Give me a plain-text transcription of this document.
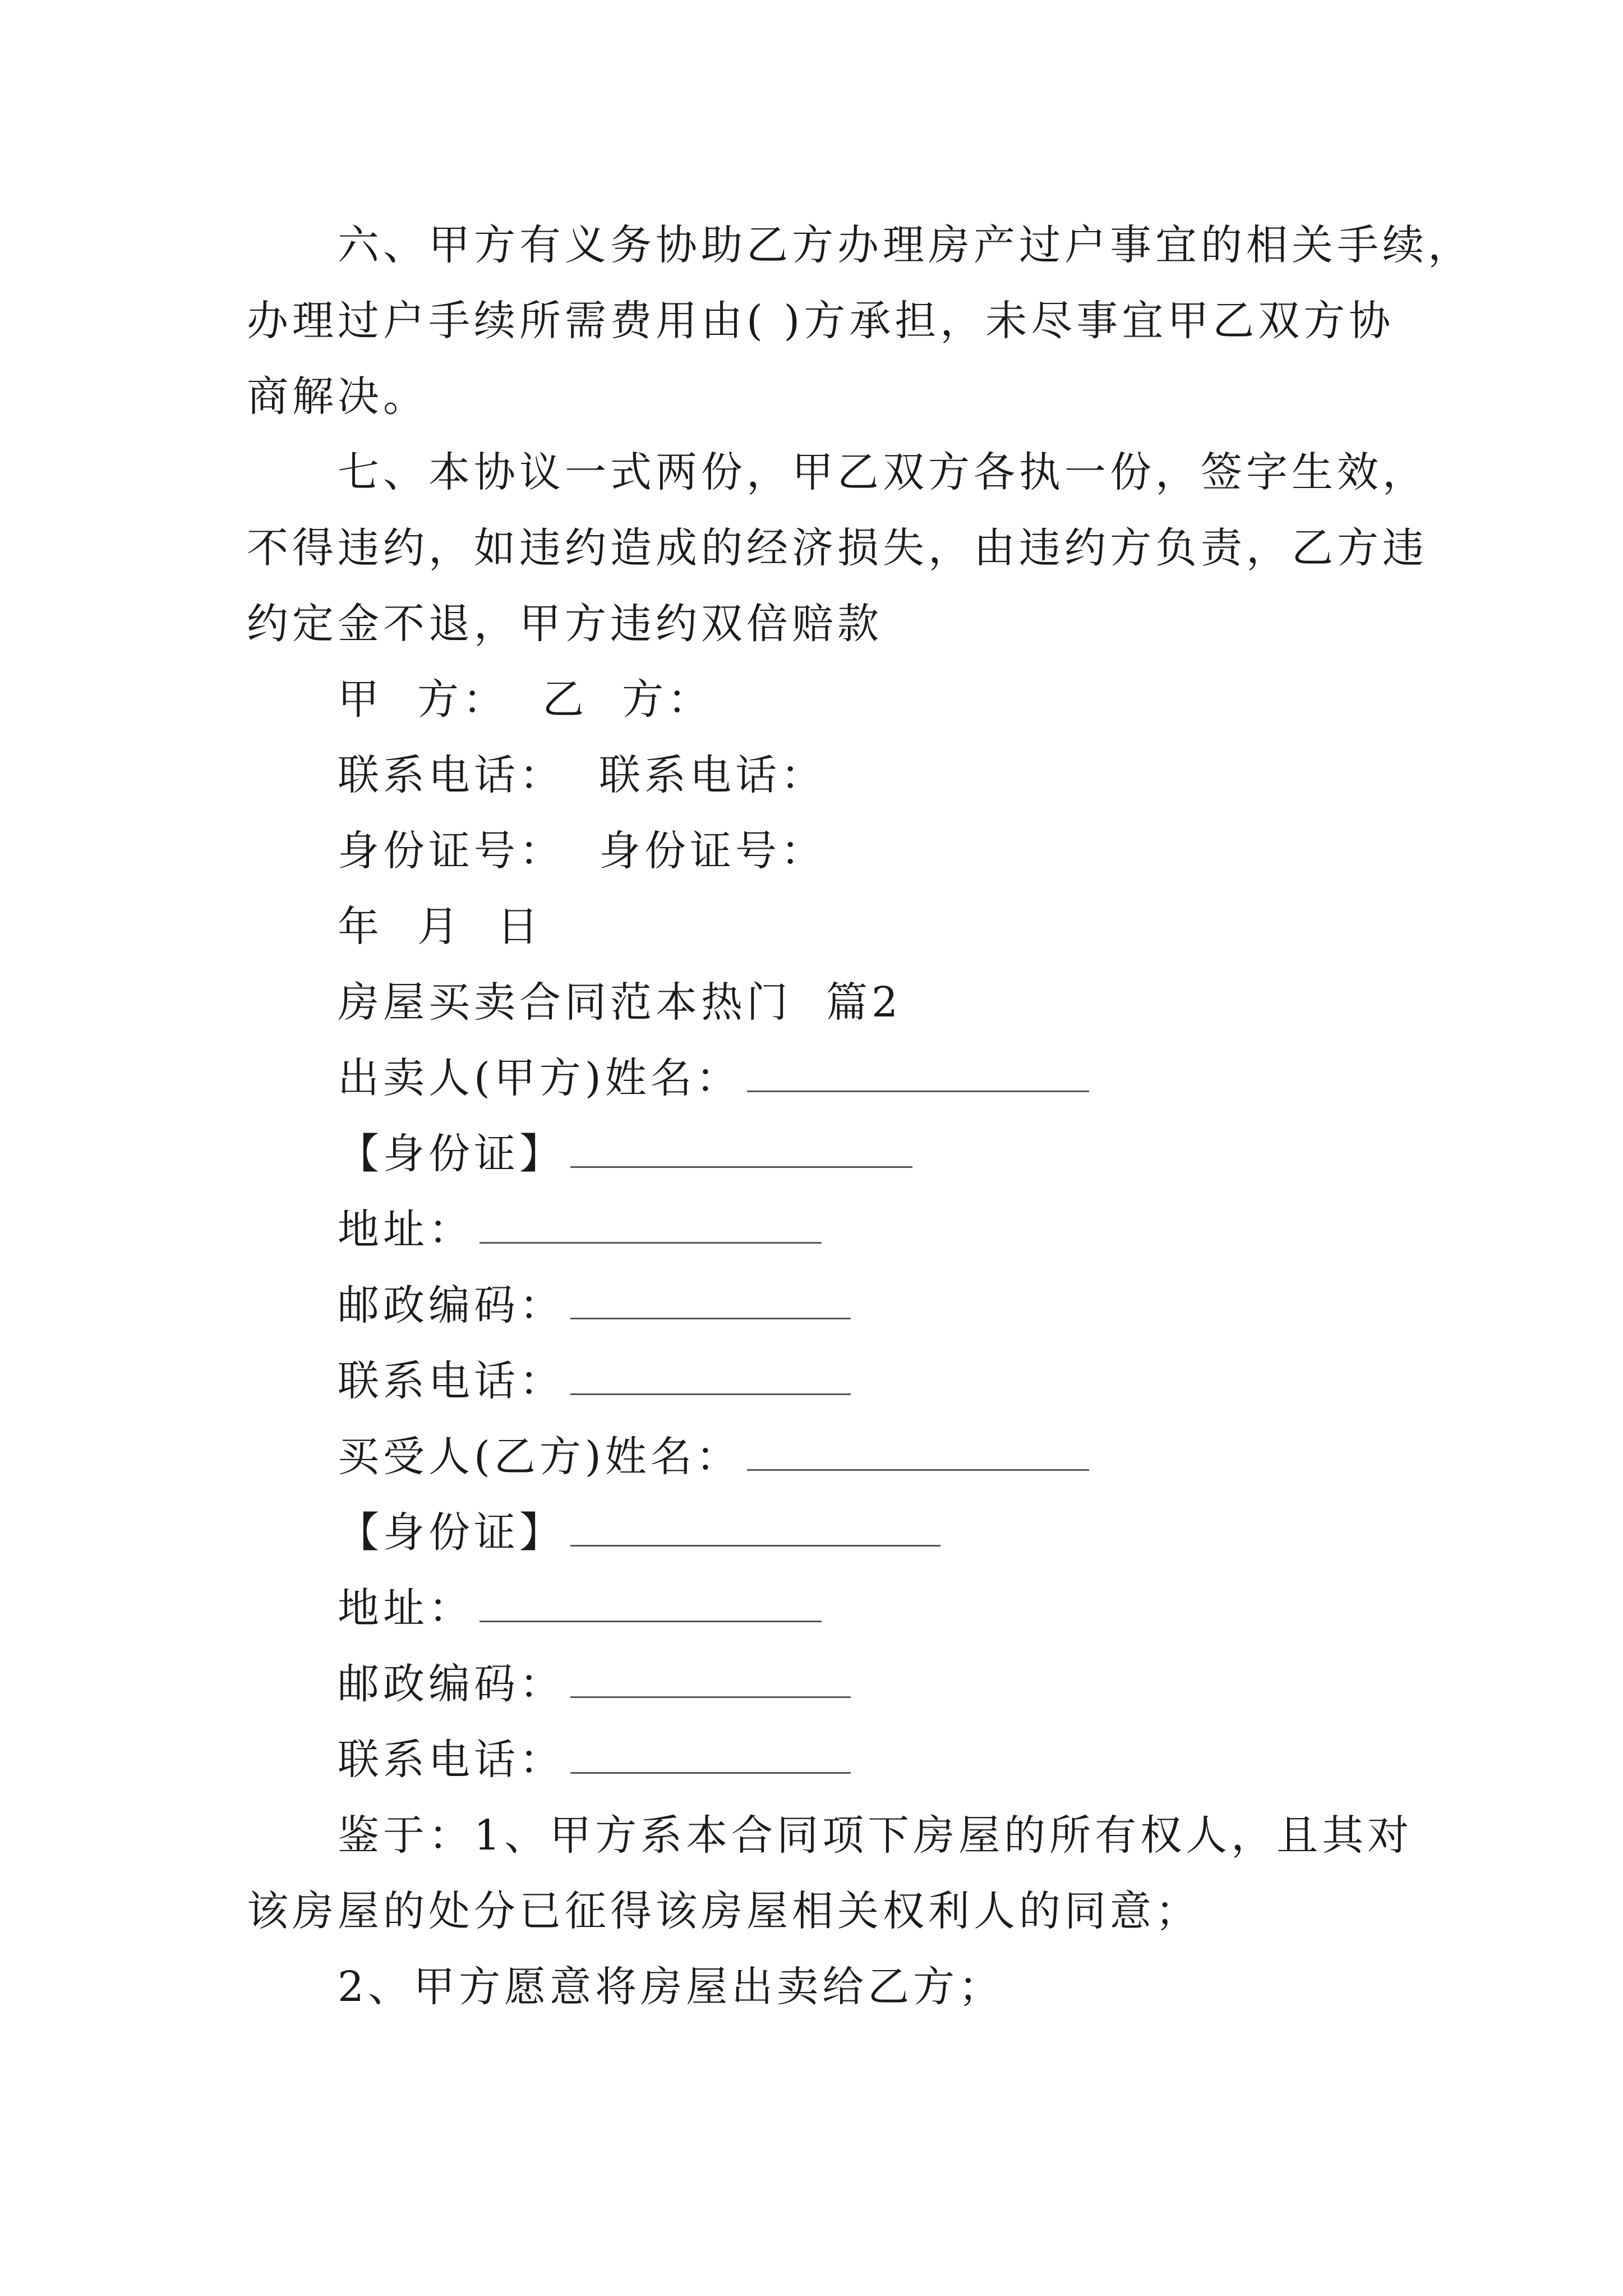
六、甲方有义务协助乙方办理房产过户事宜的相关手续，
办理过户手续所需费用由( )方承担，未尽事宜甲乙双方协
商解决。
七、本协议一式两份，甲乙双方各执一份，签字生效，
不得违约，如违约造成的经济损失，由违约方负责，乙方违
约定金不退，甲方违约双倍赔款
甲  方：  乙  方：
联系电话：  联系电话：
身份证号：  身份证号：
年  月  日
房屋买卖合同范本热门  篇2
出卖人(甲方)姓名：
【身份证】
地址：
邮政编码：
联系电话：
买受人(乙方)姓名：
【身份证】
地址：
邮政编码：
联系电话：
鉴于：1、甲方系本合同项下房屋的所有权人，且其对
该房屋的处分已征得该房屋相关权利人的同意；
2、甲方愿意将房屋出卖给乙方；
